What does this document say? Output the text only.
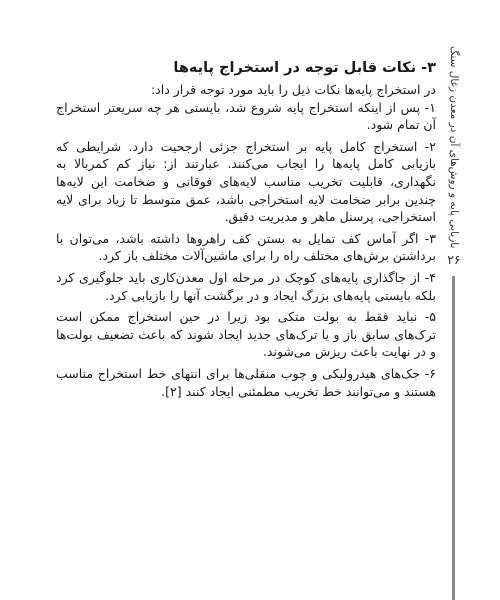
۳- نکات قابل توجه در استخراج پایه‌ها

در استخراج پایه‌ها نکات ذیل را باید مورد توجه قرار داد:

۱- پس از اینکه استخراج پایه شروع شد، بایستی هر چه سریعتر استخراج آن تمام شود.

۲- استخراج کامل پایه بر استخراج جزئی ارجحیت دارد. شرایطی که بازیابی کامل پایه‌ها را ایجاب می‌کنند. عبارتند از: نیاز کم کمربالا به نگهداری، قابلیت تخریب مناسب لایه‌های فوقانی و ضخامت این لایه‌ها چندین برابر ضخامت لایه استخراجی باشد، عمق متوسط تا زیاد برای لایه استخراجی، پرسنل ماهر و مدیریت دقیق.

۳- اگر آماس کف تمایل به بستن کف راهروها داشته باشد، می‌توان با برداشتن برش‌های مختلف راه را برای ماشین‌آلات مختلف باز کرد.

۴- از جاگذاری پایه‌های کوچک در مرحله اول معدن‌کاری باید جلوگیری کرد بلکه بایستی پایه‌های بزرگ ایجاد و در برگشت آنها را بازیابی کرد.

۵- نباید فقط به بولت متکی بود زیرا در حین استخراج ممکن است ترک‌های سابق باز و یا ترک‌های جدید ایجاد شوند که باعث تضعیف بولت‌ها و در نهایت باعث ریزش می‌شوند.

۶- جک‌های هیدرولیکی و چوب منقلی‌ها برای انتهای خط استخراج مناسب هستند و می‌توانند خط تخریب مطمئنی ایجاد کنند [۲].

بازیابی پایه و روش‌های آن در معدن زغال سنگ
۲۶
